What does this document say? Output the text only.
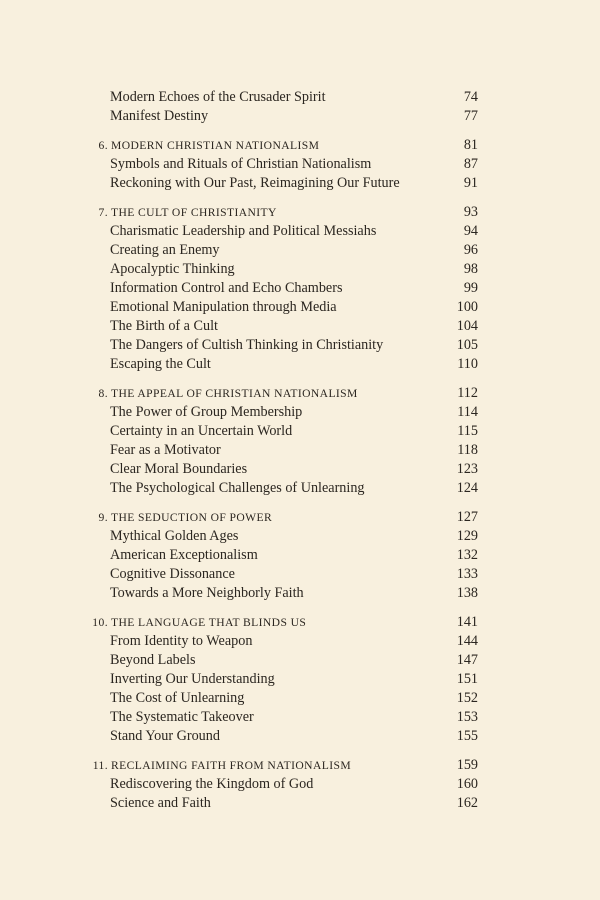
Modern Echoes of the Crusader Spirit	74
Manifest Destiny	77
6. MODERN CHRISTIAN NATIONALISM	81
Symbols and Rituals of Christian Nationalism	87
Reckoning with Our Past, Reimagining Our Future	91
7. THE CULT OF CHRISTIANITY	93
Charismatic Leadership and Political Messiahs	94
Creating an Enemy	96
Apocalyptic Thinking	98
Information Control and Echo Chambers	99
Emotional Manipulation through Media	100
The Birth of a Cult	104
The Dangers of Cultish Thinking in Christianity	105
Escaping the Cult	110
8. THE APPEAL OF CHRISTIAN NATIONALISM	112
The Power of Group Membership	114
Certainty in an Uncertain World	115
Fear as a Motivator	118
Clear Moral Boundaries	123
The Psychological Challenges of Unlearning	124
9. THE SEDUCTION OF POWER	127
Mythical Golden Ages	129
American Exceptionalism	132
Cognitive Dissonance	133
Towards a More Neighborly Faith	138
10. THE LANGUAGE THAT BLINDS US	141
From Identity to Weapon	144
Beyond Labels	147
Inverting Our Understanding	151
The Cost of Unlearning	152
The Systematic Takeover	153
Stand Your Ground	155
11. RECLAIMING FAITH FROM NATIONALISM	159
Rediscovering the Kingdom of God	160
Science and Faith	162
